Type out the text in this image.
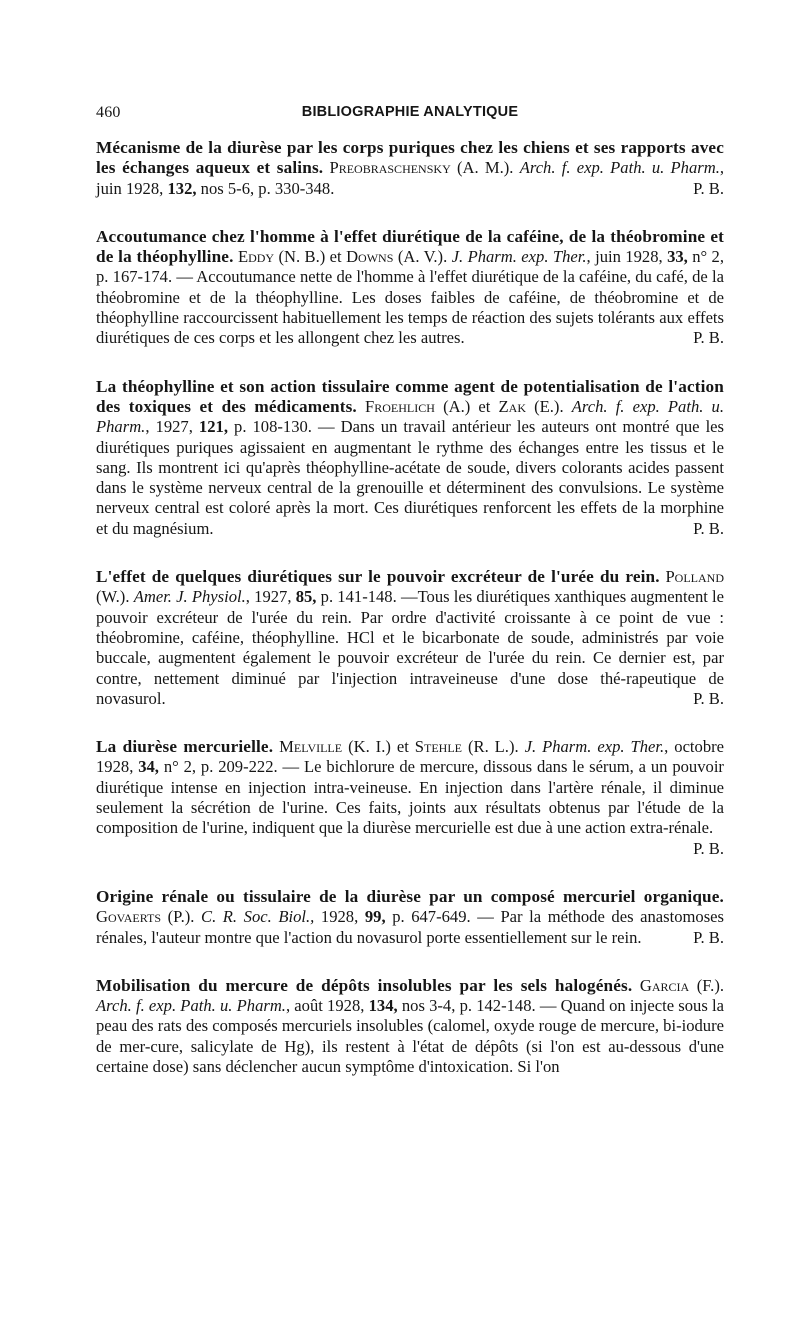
460	BIBLIOGRAPHIE ANALYTIQUE

Mécanisme de la diurèse par les corps puriques chez les chiens et ses rapports avec les échanges aqueux et salins. Preobraschensky (A. M.). Arch. f. exp. Path. u. Pharm., juin 1928, 132, nos 5-6, p. 330-348.	P. B.

Accoutumance chez l'homme à l'effet diurétique de la caféine, de la théobromine et de la théophylline. Eddy (N. B.) et Downs (A. V.). J. Pharm. exp. Ther., juin 1928, 33, n° 2, p. 167-174. — Accoutumance nette de l'homme à l'effet diurétique de la caféine, du café, de la théobromine et de la théophylline. Les doses faibles de caféine, de théobromine et de théophylline raccourcissent habituellement les temps de réaction des sujets tolérants aux effets diurétiques de ces corps et les allongent chez les autres.	P. B.

La théophylline et son action tissulaire comme agent de potentialisation de l'action des toxiques et des médicaments. Froehlich (A.) et Zak (E.). Arch. f. exp. Path. u. Pharm., 1927, 121, p. 108-130. — Dans un travail antérieur les auteurs ont montré que les diurétiques puriques agissaient en augmentant le rythme des échanges entre les tissus et le sang. Ils montrent ici qu'après théophylline-acétate de soude, divers colorants acides passent dans le système nerveux central de la grenouille et déterminent des convulsions. Le système nerveux central est coloré après la mort. Ces diurétiques renforcent les effets de la morphine et du magnésium.	P. B.

L'effet de quelques diurétiques sur le pouvoir excréteur de l'urée du rein. Polland (W.). Amer. J. Physiol., 1927, 85, p. 141-148. —Tous les diurétiques xanthiques augmentent le pouvoir excréteur de l'urée du rein. Par ordre d'activité croissante à ce point de vue : théobromine, caféine, théophylline. HCl et le bicarbonate de soude, administrés par voie buccale, augmentent également le pouvoir excréteur de l'urée du rein. Ce dernier est, par contre, nettement diminué par l'injection intraveineuse d'une dose thé-rapeutique de novasurol.	P. B.

La diurèse mercurielle. Melville (K. I.) et Stehle (R. L.). J. Pharm. exp. Ther., octobre 1928, 34, n° 2, p. 209-222. — Le bichlorure de mercure, dissous dans le sérum, a un pouvoir diurétique intense en injection intra-veineuse. En injection dans l'artère rénale, il diminue seulement la sécrétion de l'urine. Ces faits, joints aux résultats obtenus par l'étude de la composition de l'urine, indiquent que la diurèse mercurielle est due à une action extra-rénale.
P. B.

Origine rénale ou tissulaire de la diurèse par un composé mercuriel organique. Govaerts (P.). C. R. Soc. Biol., 1928, 99, p. 647-649. — Par la méthode des anastomoses rénales, l'auteur montre que l'action du novasurol porte essentiellement sur le rein.	P. B.

Mobilisation du mercure de dépôts insolubles par les sels halogénés. Garcia (F.). Arch. f. exp. Path. u. Pharm., août 1928, 134, nos 3-4, p. 142-148. — Quand on injecte sous la peau des rats des composés mercuriels insolubles (calomel, oxyde rouge de mercure, bi-iodure de mer-cure, salicylate de Hg), ils restent à l'état de dépôts (si l'on est au-dessous d'une certaine dose) sans déclencher aucun symptôme d'intoxication. Si l'on
